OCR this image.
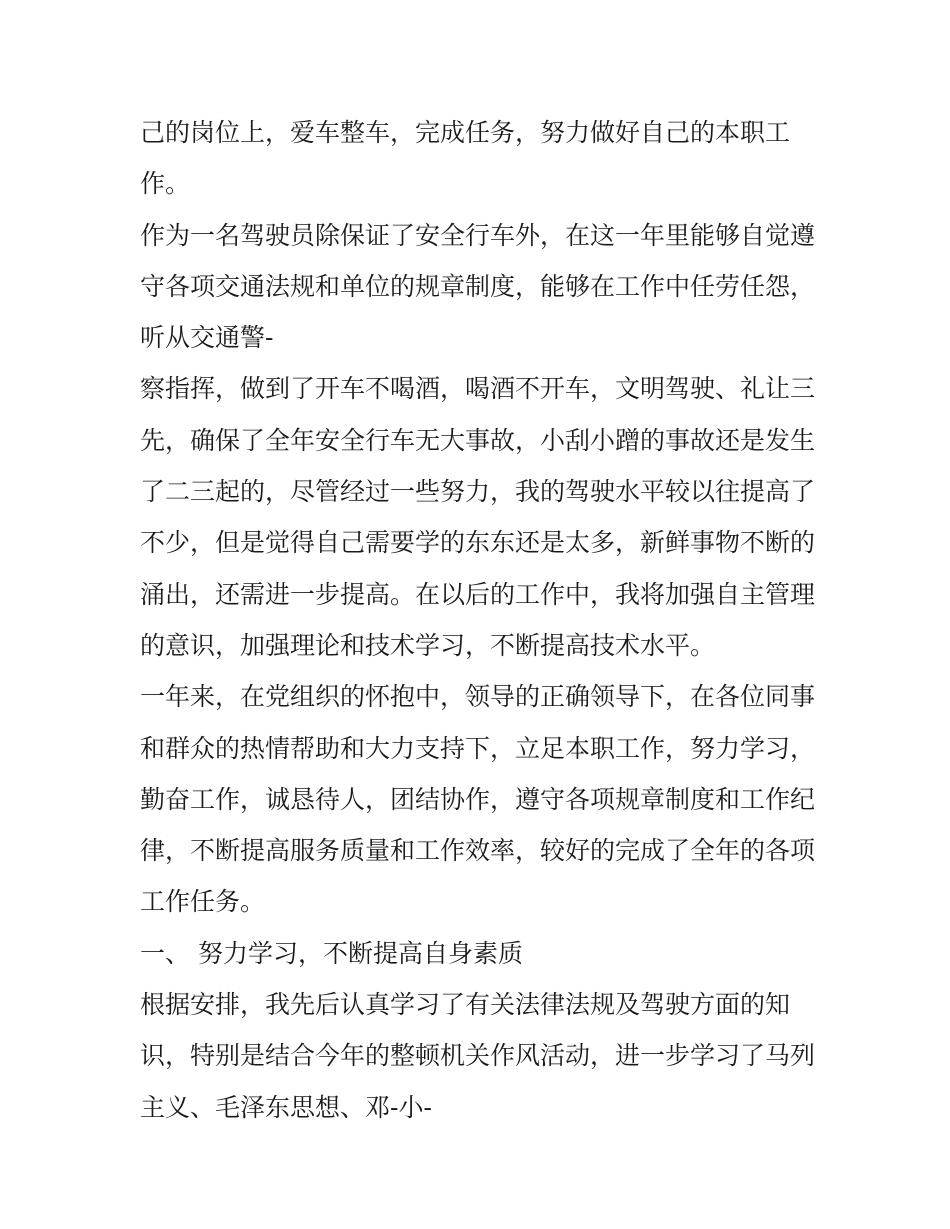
己的岗位上，爱车整车，完成任务，努力做好自己的本职工
作。
作为一名驾驶员除保证了安全行车外，在这一年里能够自觉遵
守各项交通法规和单位的规章制度，能够在工作中任劳任怨，
听从交通警-
察指挥，做到了开车不喝酒，喝酒不开车，文明驾驶、礼让三
先，确保了全年安全行车无大事故，小刮小蹭的事故还是发生
了二三起的，尽管经过一些努力，我的驾驶水平较以往提高了
不少，但是觉得自己需要学的东东还是太多，新鲜事物不断的
涌出，还需进一步提高。在以后的工作中，我将加强自主管理
的意识，加强理论和技术学习，不断提高技术水平。
一年来，在党组织的怀抱中，领导的正确领导下，在各位同事
和群众的热情帮助和大力支持下，立足本职工作，努力学习，
勤奋工作，诚恳待人，团结协作，遵守各项规章制度和工作纪
律，不断提高服务质量和工作效率，较好的完成了全年的各项
工作任务。
一、 努力学习，不断提高自身素质
根据安排，我先后认真学习了有关法律法规及驾驶方面的知
识，特别是结合今年的整顿机关作风活动，进一步学习了马列
主义、毛泽东思想、邓-小-
